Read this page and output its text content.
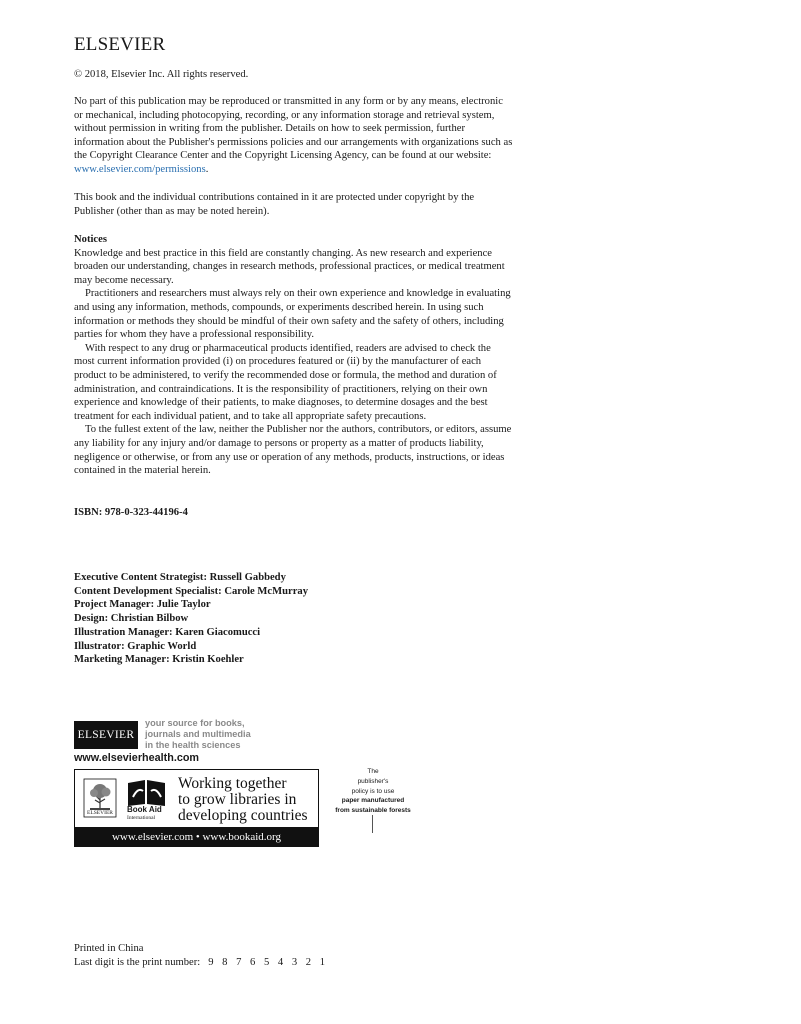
ELSEVIER
© 2018, Elsevier Inc. All rights reserved.
No part of this publication may be reproduced or transmitted in any form or by any means, electronic or mechanical, including photocopying, recording, or any information storage and retrieval system, without permission in writing from the publisher. Details on how to seek permission, further information about the Publisher's permissions policies and our arrangements with organizations such as the Copyright Clearance Center and the Copyright Licensing Agency, can be found at our website: www.elsevier.com/permissions.
This book and the individual contributions contained in it are protected under copyright by the Publisher (other than as may be noted herein).
Notices
Knowledge and best practice in this field are constantly changing. As new research and experience broaden our understanding, changes in research methods, professional practices, or medical treatment may become necessary.
Practitioners and researchers must always rely on their own experience and knowledge in evaluating and using any information, methods, compounds, or experiments described herein. In using such information or methods they should be mindful of their own safety and the safety of others, including parties for whom they have a professional responsibility.
With respect to any drug or pharmaceutical products identified, readers are advised to check the most current information provided (i) on procedures featured or (ii) by the manufacturer of each product to be administered, to verify the recommended dose or formula, the method and duration of administration, and contraindications. It is the responsibility of practitioners, relying on their own experience and knowledge of their patients, to make diagnoses, to determine dosages and the best treatment for each individual patient, and to take all appropriate safety precautions.
To the fullest extent of the law, neither the Publisher nor the authors, contributors, or editors, assume any liability for any injury and/or damage to persons or property as a matter of products liability, negligence or otherwise, or from any use or operation of any methods, products, instructions, or ideas contained in the material herein.
ISBN: 978-0-323-44196-4
Executive Content Strategist: Russell Gabbedy
Content Development Specialist: Carole McMurray
Project Manager: Julie Taylor
Design: Christian Bilbow
Illustration Manager: Karen Giacomucci
Illustrator: Graphic World
Marketing Manager: Kristin Koehler
ELSEVIER
your source for books,
journals and multimedia
in the health sciences
www.elsevierhealth.com
ELSEVIER	Book Aid
International
Working together
to grow libraries in
developing countries
www.elsevier.com • www.bookaid.org
The
publisher's
policy is to use
paper manufactured
from sustainable forests
Printed in China
Last digit is the print number: 9 8 7 6 5 4 3 2 1
